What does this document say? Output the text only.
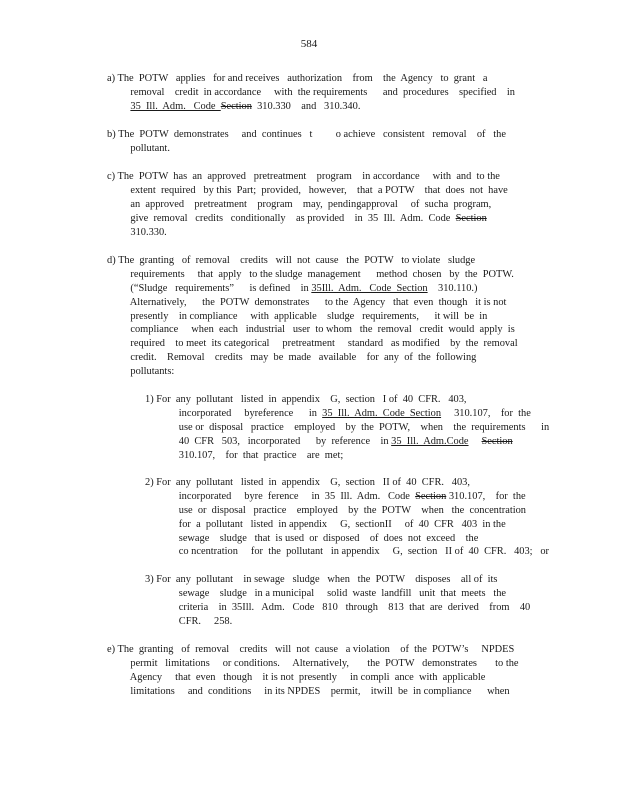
584
a) The  POTW   applies   for and receives   authorization    from    the  Agency   to  grant   a
removal    credit  in accordance     with  the requirements      and  procedures    specified    in
35  Ill.  Adm.   Code  Section  310.330    and   310.340.
b) The  POTW  demonstrates     and  continues   t         o achieve   consistent   removal    of   the
pollutant.
c) The  POTW  has  an  approved   pretreatment    program    in accordance     with  and  to the
extent  required   by this  Part;  provided,   however,    that  a POTW    that  does  not  have
an  approved    pretreatment    program    may,  pendingapproval     of  sucha  program,
give  removal   credits   conditionally    as provided    in  35  Ill.  Adm.  Code  Section
310.330.
d) The  granting   of  removal    credits   will  not  cause   the  POTW   to violate   sludge
requirements     that  apply   to the sludge  management      method  chosen   by  the  POTW.
(“Sludge   requirements”      is defined    in 35Ill.  Adm.   Code  Section    310.110.)
Alternatively,      the  POTW  demonstrates      to the  Agency   that  even  though   it is not
presently    in compliance     with  applicable    sludge   requirements,      it will  be  in
compliance     when  each   industrial   user  to whom   the  removal   credit  would  apply  is
required    to meet  its categorical     pretreatment     standard   as modified    by  the  removal
credit.    Removal    credits   may  be  made   available    for  any  of  the  following
pollutants:
1) For  any  pollutant   listed  in  appendix    G,  section   I of  40  CFR.   403,
incorporated     byreference      in  35  Ill.  Adm.  Code  Section     310.107,    for  the
use or  disposal   practice    employed    by  the  POTW,    when    the  requirements      in
40  CFR   503,   incorporated      by  reference    in 35  Ill.  Adm.Code Section
310.107,    for  that  practice    are  met;
2) For  any  pollutant   listed  in  appendix    G,  section   II of  40  CFR.   403,
incorporated     byre  ference     in  35  Ill.  Adm.   Code  Section 310.107,    for  the
use  or  disposal   practice    employed    by  the  POTW    when   the  concentration
for  a  pollutant   listed  in appendix     G,  sectionII     of  40  CFR   403  in the
sewage    sludge   that  is used  or  disposed    of  does  not  exceed    the
co ncentration     for  the  pollutant   in appendix     G,  section   II of  40  CFR.   403;   or
3) For  any  pollutant    in sewage   sludge   when   the  POTW    disposes    all of  its
sewage    sludge   in a municipal     solid  waste  landfill   unit  that  meets   the
criteria    in  35Ill.   Adm.   Code   810   through    813  that  are  derived    from    40
CFR.     258.
e) The  granting   of  removal    credits   will  not  cause   a violation    of  the  POTW’s     NPDES
permit   limitations     or conditions.     Alternatively,       the  POTW   demonstrates       to the
Agency     that  even   though    it is not  presently     in compli  ance  with  applicable
limitations     and  conditions     in its NPDES    permit,    itwill  be  in compliance      when
